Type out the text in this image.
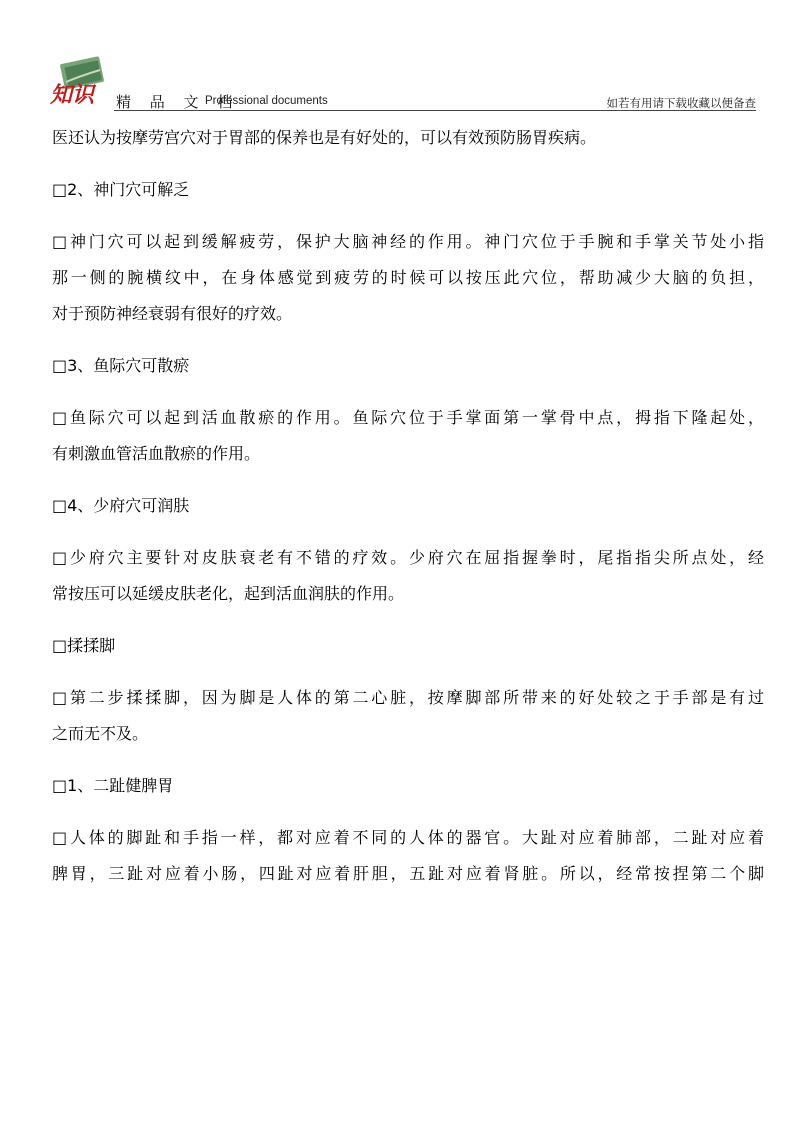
知识 精 品 文 档
Professional documents	如若有用请下载收藏以便备查
医还认为按摩劳宫穴对于胃部的保养也是有好处的，可以有效预防肠胃疾病。
□2、神门穴可解乏
□神门穴可以起到缓解疲劳，保护大脑神经的作用。神门穴位于手腕和手掌关节处小指
那一侧的腕横纹中，在身体感觉到疲劳的时候可以按压此穴位，帮助减少大脑的负担，
对于预防神经衰弱有很好的疗效。
□3、鱼际穴可散瘀
□鱼际穴可以起到活血散瘀的作用。鱼际穴位于手掌面第一掌骨中点，拇指下隆起处，
有刺激血管活血散瘀的作用。
□4、少府穴可润肤
□少府穴主要针对皮肤衰老有不错的疗效。少府穴在屈指握拳时，尾指指尖所点处，经
常按压可以延缓皮肤老化，起到活血润肤的作用。
□揉揉脚
□第二步揉揉脚，因为脚是人体的第二心脏，按摩脚部所带来的好处较之于手部是有过
之而无不及。
□1、二趾健脾胃
□人体的脚趾和手指一样，都对应着不同的人体的器官。大趾对应着肺部，二趾对应着
脾胃，三趾对应着小肠，四趾对应着肝胆，五趾对应着肾脏。所以，经常按捏第二个脚
